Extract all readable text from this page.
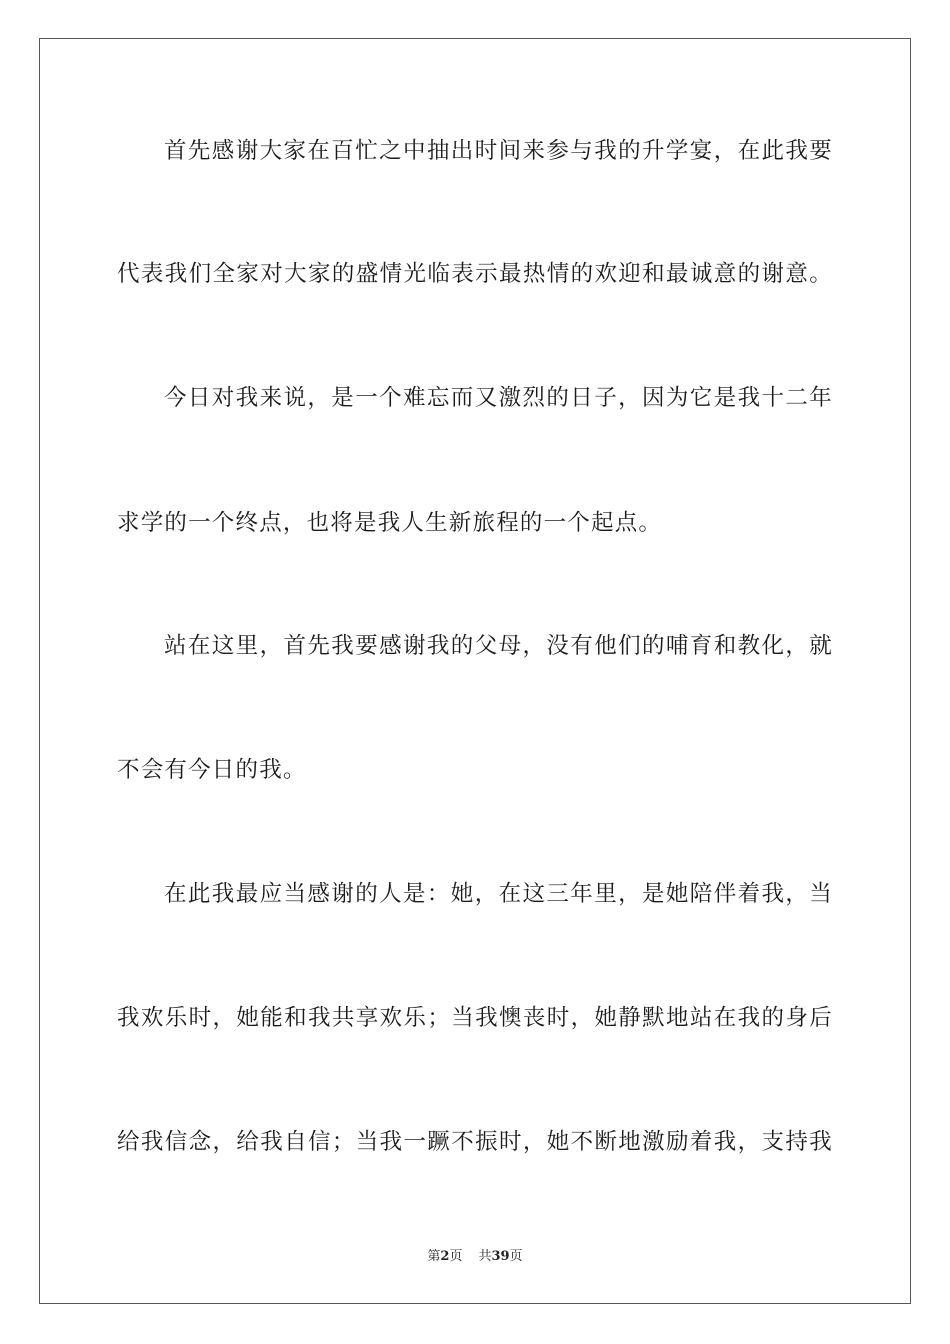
首先感谢大家在百忙之中抽出时间来参与我的升学宴，在此我要
代表我们全家对大家的盛情光临表示最热情的欢迎和最诚意的谢意。
今日对我来说，是一个难忘而又激烈的日子，因为它是我十二年
求学的一个终点，也将是我人生新旅程的一个起点。
站在这里，首先我要感谢我的父母，没有他们的哺育和教化，就
不会有今日的我。
在此我最应当感谢的人是：她，在这三年里，是她陪伴着我，当
我欢乐时，她能和我共享欢乐；当我懊丧时，她静默地站在我的身后
给我信念，给我自信；当我一蹶不振时，她不断地激励着我，支持我
第2页 共39页
